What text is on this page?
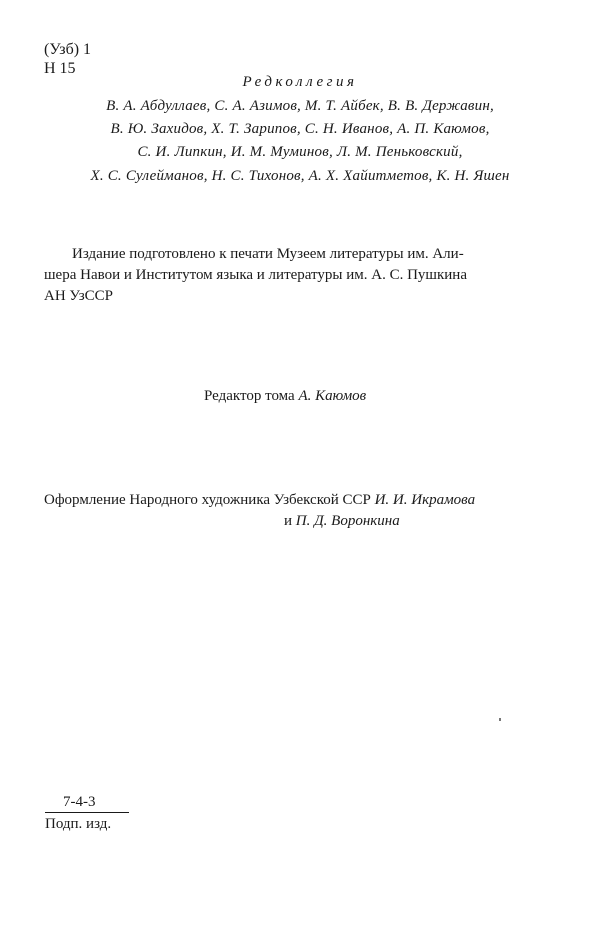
(Узб) 1
Н 15
Редколлегия
В. А. Абдуллаев, С. А. Азимов, М. Т. Айбек, В. В. Державин,
В. Ю. Захидов, Х. Т. Зарипов, С. Н. Иванов, А. П. Каюмов,
С. И. Липкин, И. М. Муминов, Л. М. Пеньковский,
Х. С. Сулейманов, Н. С. Тихонов, А. Х. Хайитметов, К. Н. Яшен
Издание подготовлено к печати Музеем литературы им. Али-
шера Навои и Институтом языка и литературы им. А. С. Пушкина
АН УзССР
Редактор тома А. Каюмов
Оформление Народного художника Узбекской ССР И. И. Икрамова
и П. Д. Воронкина
7-4-3
Подп. изд.
